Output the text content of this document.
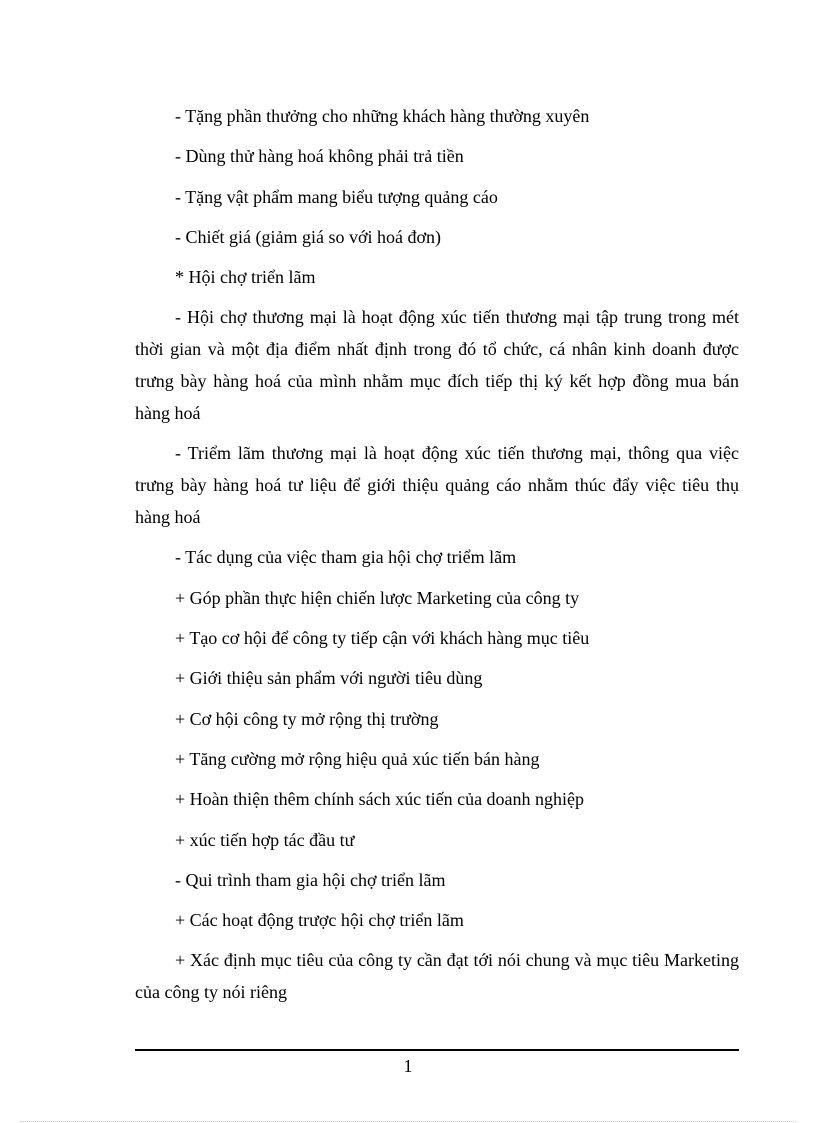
- Tặng phần thưởng cho những khách hàng thường xuyên

- Dùng thử hàng hoá không phải trả tiền

- Tặng vật phẩm mang biểu tượng quảng cáo

- Chiết giá (giảm giá so với hoá đơn)

* Hội chợ triển lãm

- Hội chợ thương mại là hoạt động xúc tiến thương mại tập trung trong mét thời gian và một địa điểm nhất định trong đó tổ chức, cá nhân kinh doanh được trưng bày hàng hoá của mình nhằm mục đích tiếp thị ký kết hợp đồng mua bán hàng hoá

- Triểm lãm thương mại là hoạt động xúc tiến thương mại, thông qua việc trưng bày hàng hoá tư liệu để giới thiệu quảng cáo nhằm thúc đẩy việc tiêu thụ hàng hoá

- Tác dụng của việc tham gia hội chợ triểm lãm

+ Góp phần thực hiện chiến lược Marketing của công ty

+ Tạo cơ hội để công ty tiếp cận với khách hàng mục tiêu

+ Giới thiệu sản phẩm với người tiêu dùng

+ Cơ hội công ty mở rộng thị trường

+ Tăng cường mở rộng hiệu quả xúc tiến bán hàng

+ Hoàn thiện thêm chính sách xúc tiến của doanh nghiệp

+ xúc tiến hợp tác đầu tư

- Qui trình tham gia hội chợ triển lãm

+ Các hoạt động trược hội chợ triển lãm

+ Xác định mục tiêu của công ty cần đạt tới nói chung và mục tiêu Marketing của công ty nói riêng

1
